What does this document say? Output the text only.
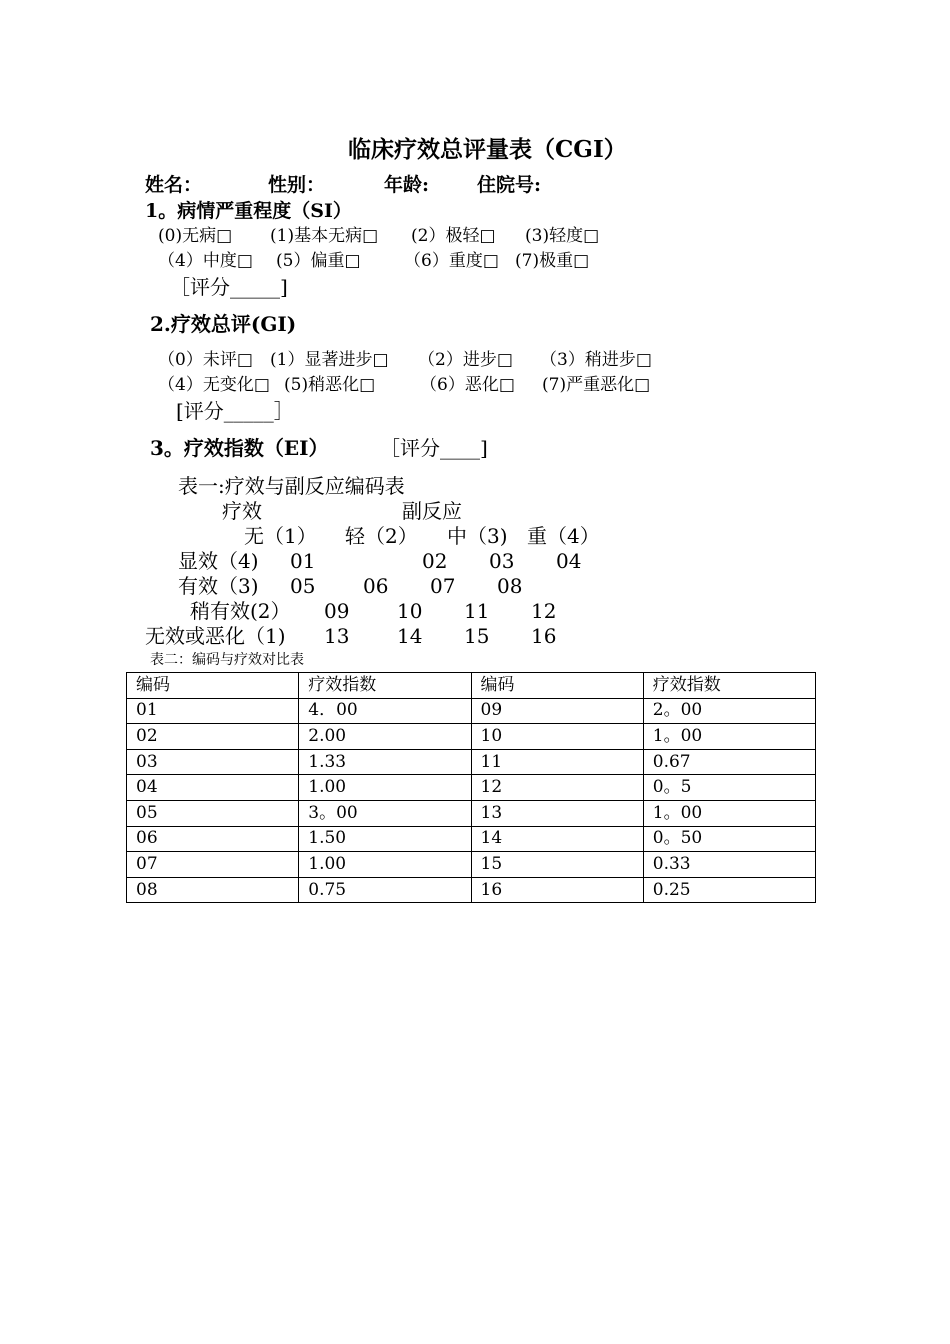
临床疗效总评量表（CGI）
姓名：	性别：	年龄:	住院号:
1。病情严重程度（SI）
(0)无病□ (1)基本无病□ (2）极轻□ (3)轻度□
（4）中度□ (5）偏重□	（6）重度□ (7)极重□
［评分_____]
2.疗效总评(GI)
（0）未评□ (1）显著进步□ （2）进步□ （3）稍进步□
（4）无变化□ (5)稍恶化□	（6）恶化□ (7)严重恶化□
[评分_____］
3。疗效指数（EI）	［评分____]
表一:疗效与副反应编码表
疗效	副反应
无（1） 轻（2） 中（3) 重（4）
显效（4) 01	02 03 04
有效（3) 05 06 07 08
稍有效(2） 09 10 11 12
无效或恶化（1) 13 14 15 16
表二：编码与疗效对比表
编码	疗效指数	编码	疗效指数
01	4．00	09	2。00
02	2.00	10	1。00
03	1.33	11	0.67
04	1.00	12	0。5
05	3。00	13	1。00
06	1.50	14	0。50
07	1.00	15	0.33
08	0.75	16	0.25
